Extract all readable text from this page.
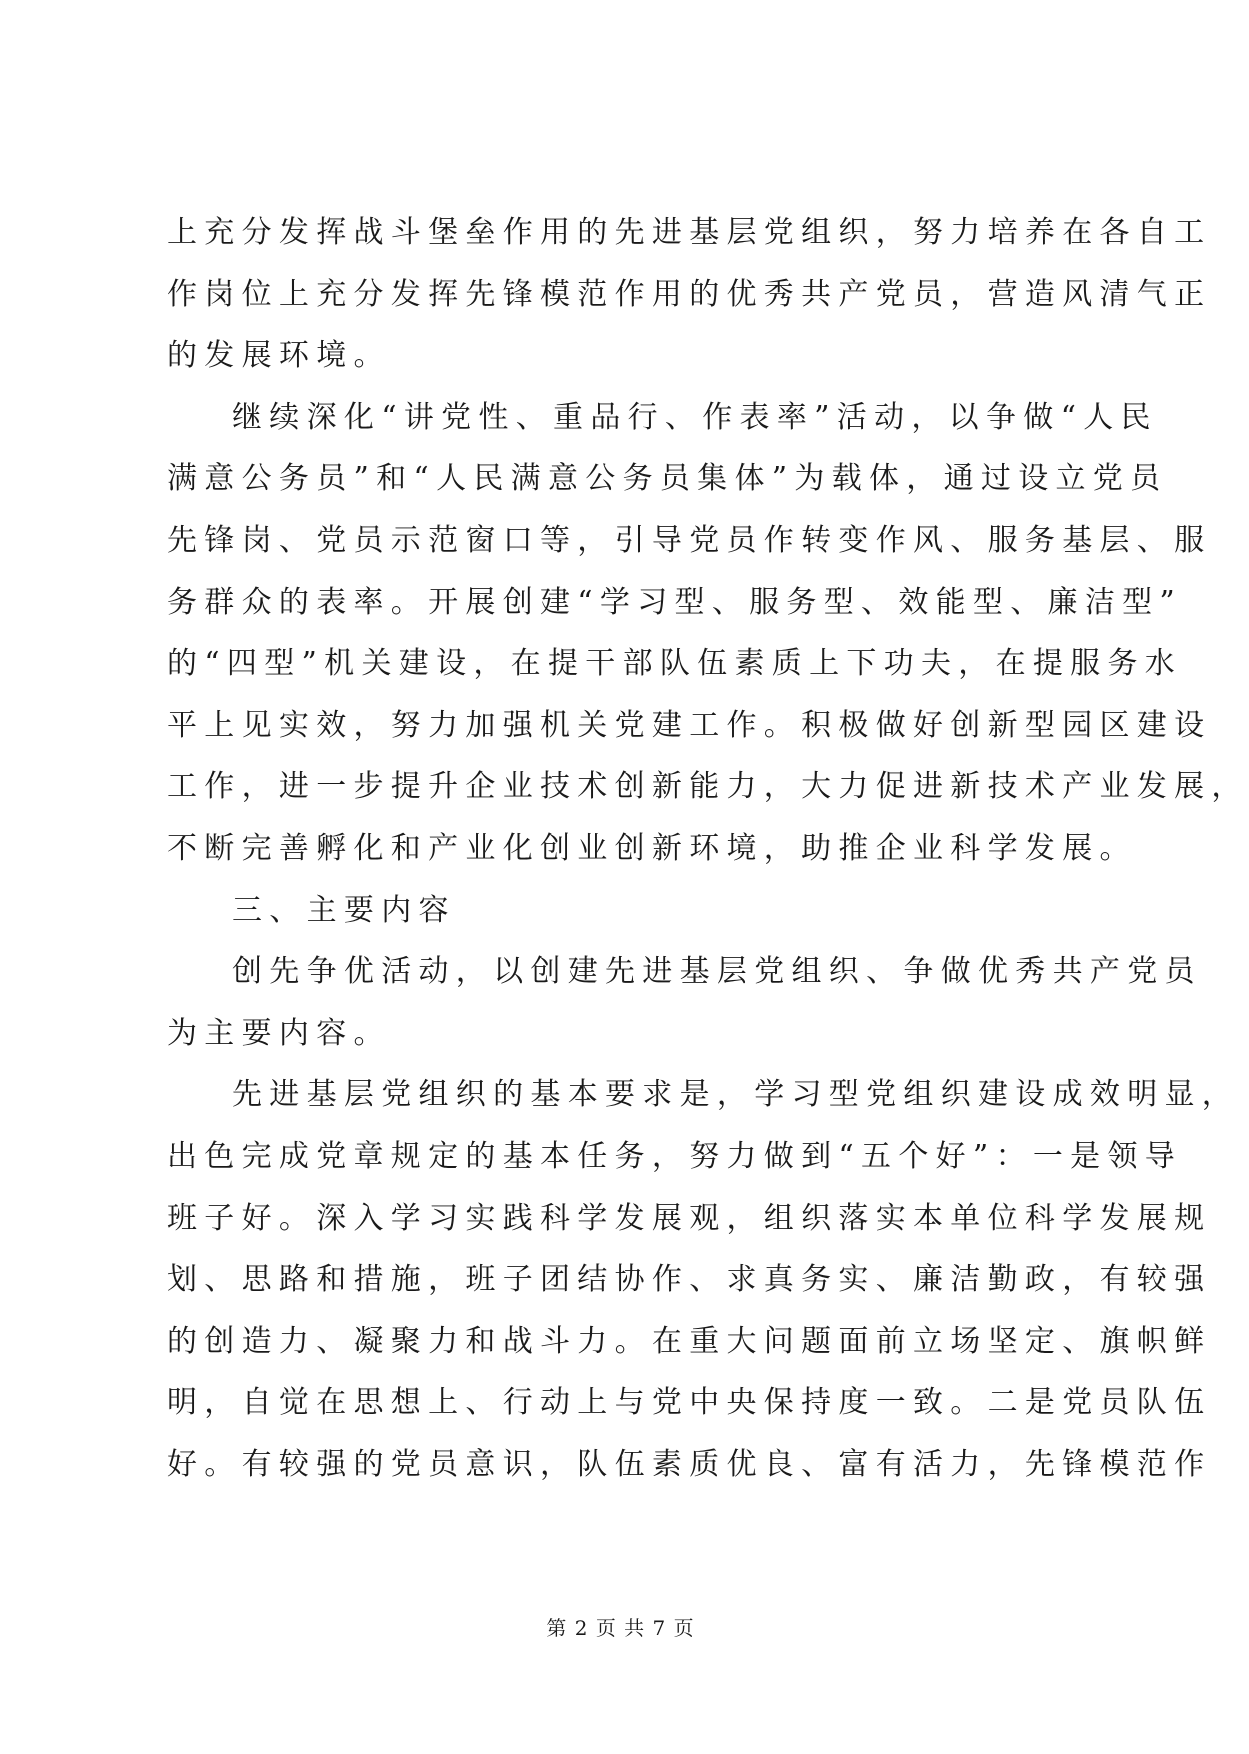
上充分发挥战斗堡垒作用的先进基层党组织，努力培养在各自工
作岗位上充分发挥先锋模范作用的优秀共产党员，营造风清气正
的发展环境。
继续深化“讲党性、重品行、作表率”活动，以争做“人民
满意公务员”和“人民满意公务员集体”为载体，通过设立党员
先锋岗、党员示范窗口等，引导党员作转变作风、服务基层、服
务群众的表率。开展创建“学习型、服务型、效能型、廉洁型”
的“四型”机关建设，在提干部队伍素质上下功夫，在提服务水
平上见实效，努力加强机关党建工作。积极做好创新型园区建设
工作，进一步提升企业技术创新能力，大力促进新技术产业发展，
不断完善孵化和产业化创业创新环境，助推企业科学发展。
三、主要内容
创先争优活动，以创建先进基层党组织、争做优秀共产党员
为主要内容。
先进基层党组织的基本要求是，学习型党组织建设成效明显，
出色完成党章规定的基本任务，努力做到“五个好”：一是领导
班子好。深入学习实践科学发展观，组织落实本单位科学发展规
划、思路和措施，班子团结协作、求真务实、廉洁勤政，有较强
的创造力、凝聚力和战斗力。在重大问题面前立场坚定、旗帜鲜
明，自觉在思想上、行动上与党中央保持度一致。二是党员队伍
好。有较强的党员意识，队伍素质优良、富有活力，先锋模范作
第 2 页 共 7 页
